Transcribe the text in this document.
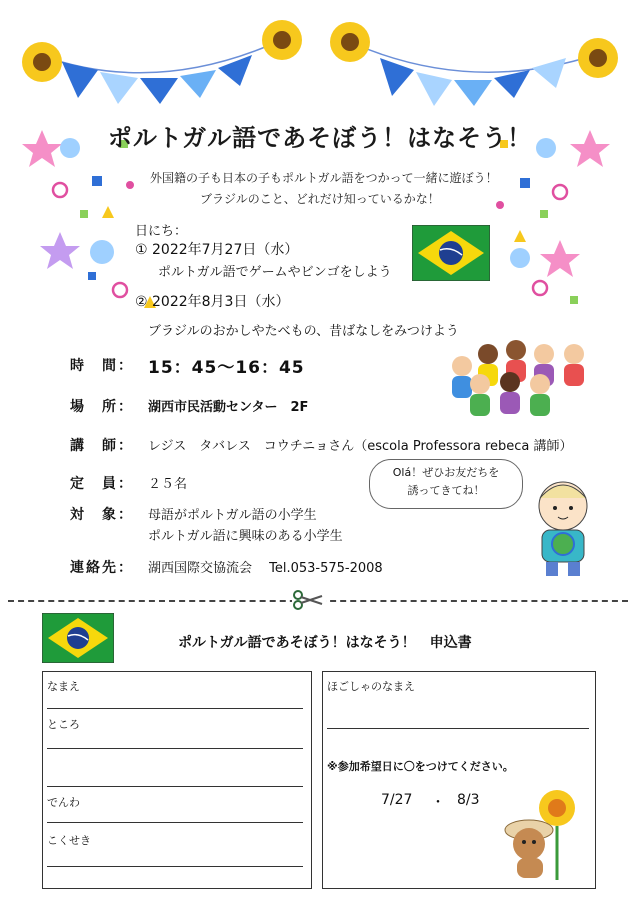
ポルトガル語であそぼう！はなそう！
外国籍の子も日本の子もポルトガル語をつかって一緒に遊ぼう！
ブラジルのこと、どれだけ知っているかな！
日にち：
① 2022年7月27日（水）
ポルトガル語でゲームやビンゴをしよう
② 2022年8月3日（水）
ブラジルのおかしやたべもの、昔ばなしをみつけよう
時　間： 15：45～16：45
場　所： 湖西市民活動センター　2F
講　師： レジス　タバレス　コウチニョさん（escola Professora rebeca 講師）
定　員： ２５名
対　象： 母語がポルトガル語の小学生
ポルトガル語に興味のある小学生
連絡先： 湖西国際交協流会　 Tel.053-575-2008
Olá！ぜひお友だちを
誘ってきてね！
ポルトガル語であそぼう！はなそう！　申込書
なまえ
ところ
でんわ
こくせき
ほごしゃのなまえ
※参加希望日に〇をつけてください。
7/27 ・ 8/3
